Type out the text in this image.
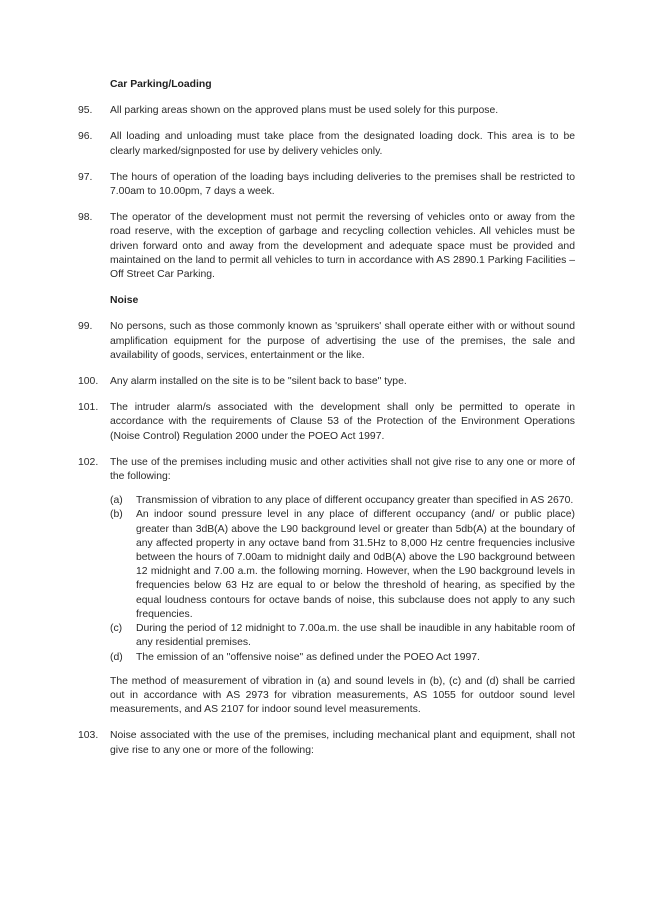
Car Parking/Loading
95.	All parking areas shown on the approved plans must be used solely for this purpose.
96.	All loading and unloading must take place from the designated loading dock. This area is to be clearly marked/signposted for use by delivery vehicles only.
97.	The hours of operation of the loading bays including deliveries to the premises shall be restricted to 7.00am to 10.00pm, 7 days a week.
98.	The operator of the development must not permit the reversing of vehicles onto or away from the road reserve, with the exception of garbage and recycling collection vehicles. All vehicles must be driven forward onto and away from the development and adequate space must be provided and maintained on the land to permit all vehicles to turn in accordance with AS 2890.1 Parking Facilities – Off Street Car Parking.
Noise
99.	No persons, such as those commonly known as 'spruikers' shall operate either with or without sound amplification equipment for the purpose of advertising the use of the premises, the sale and availability of goods, services, entertainment or the like.
100.	Any alarm installed on the site is to be "silent back to base" type.
101.	The intruder alarm/s associated with the development shall only be permitted to operate in accordance with the requirements of Clause 53 of the Protection of the Environment Operations (Noise Control) Regulation 2000 under the POEO Act 1997.
102.	The use of the premises including music and other activities shall not give rise to any one or more of the following:
(a)	Transmission of vibration to any place of different occupancy greater than specified in AS 2670.
(b)	An indoor sound pressure level in any place of different occupancy (and/ or public place) greater than 3dB(A) above the L90 background level or greater than 5db(A) at the boundary of any affected property in any octave band from 31.5Hz to 8,000 Hz centre frequencies inclusive between the hours of 7.00am to midnight daily and 0dB(A) above the L90 background between 12 midnight and 7.00 a.m. the following morning. However, when the L90 background levels in frequencies below 63 Hz are equal to or below the threshold of hearing, as specified by the equal loudness contours for octave bands of noise, this subclause does not apply to any such frequencies.
(c)	During the period of 12 midnight to 7.00a.m. the use shall be inaudible in any habitable room of any residential premises.
(d)	The emission of an "offensive noise" as defined under the POEO Act 1997.
The method of measurement of vibration in (a) and sound levels in (b), (c) and (d) shall be carried out in accordance with AS 2973 for vibration measurements, AS 1055 for outdoor sound level measurements, and AS 2107 for indoor sound level measurements.
103.	Noise associated with the use of the premises, including mechanical plant and equipment, shall not give rise to any one or more of the following:
